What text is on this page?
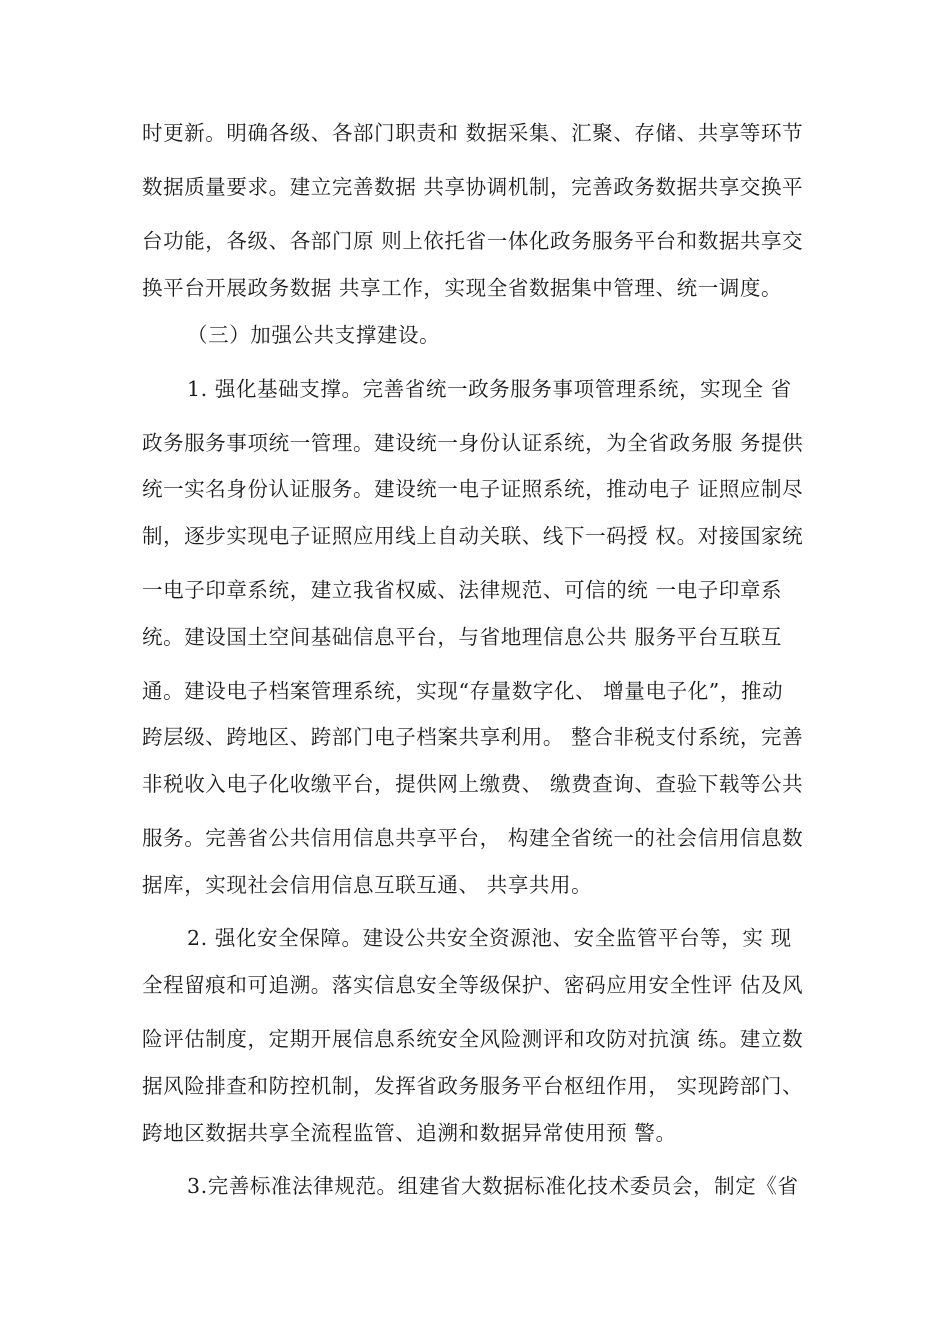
时更新。明确各级、各部门职责和 数据采集、汇聚、存储、共享等环节
数据质量要求。建立完善数据 共享协调机制，完善政务数据共享交换平
台功能，各级、各部门原 则上依托省一体化政务服务平台和数据共享交
换平台开展政务数据 共享工作，实现全省数据集中管理、统一调度。
（三）加强公共支撑建设。
1. 强化基础支撑。完善省统一政务服务事项管理系统，实现全 省
政务服务事项统一管理。建设统一身份认证系统，为全省政务服 务提供
统一实名身份认证服务。建设统一电子证照系统，推动电子 证照应制尽
制，逐步实现电子证照应用线上自动关联、线下一码授 权。对接国家统
一电子印章系统，建立我省权威、法律规范、可信的统 一电子印章系
统。建设国土空间基础信息平台，与省地理信息公共 服务平台互联互
通。建设电子档案管理系统，实现“存量数字化、 增量电子化”，推动
跨层级、跨地区、跨部门电子档案共享利用。 整合非税支付系统，完善
非税收入电子化收缴平台，提供网上缴费、 缴费查询、查验下载等公共
服务。完善省公共信用信息共享平台， 构建全省统一的社会信用信息数
据库，实现社会信用信息互联互通、 共享共用。
2. 强化安全保障。建设公共安全资源池、安全监管平台等，实 现
全程留痕和可追溯。落实信息安全等级保护、密码应用安全性评 估及风
险评估制度，定期开展信息系统安全风险测评和攻防对抗演 练。建立数
据风险排查和防控机制，发挥省政务服务平台枢纽作用， 实现跨部门、
跨地区数据共享全流程监管、追溯和数据异常使用预 警。
3.完善标准法律规范。组建省大数据标准化技术委员会，制定《省
